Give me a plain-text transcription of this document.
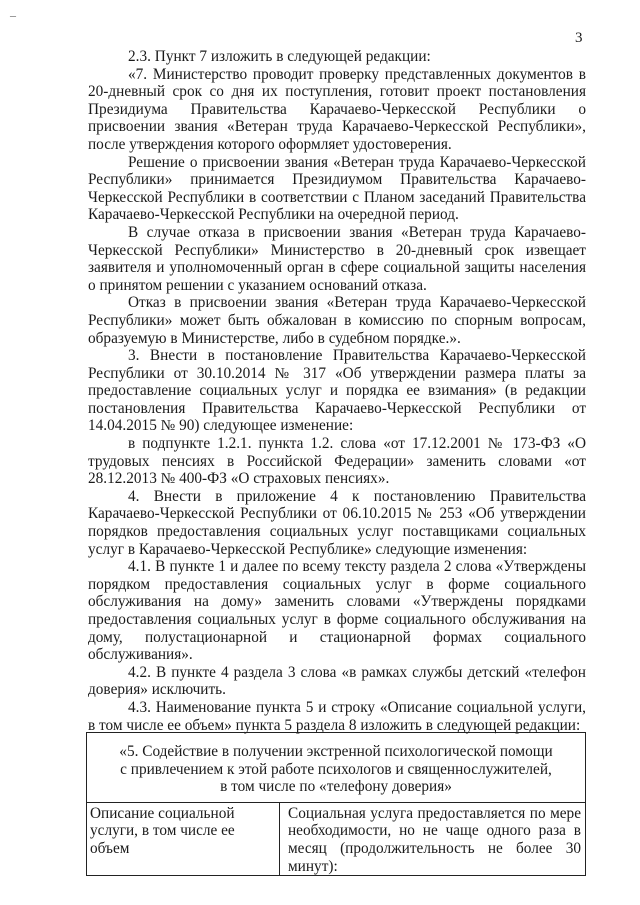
–
3

2.3. Пункт 7 изложить в следующей редакции:

«7. Министерство проводит проверку представленных документов в 20-дневный срок со дня их поступления, готовит проект постановления Президиума Правительства Карачаево-Черкесской Республики о присвоении звания «Ветеран труда Карачаево-Черкесской Республики», после утверждения которого оформляет удостоверения.

Решение о присвоении звания «Ветеран труда Карачаево-Черкесской Республики» принимается Президиумом Правительства Карачаево-Черкесской Республики в соответствии с Планом заседаний Правительства Карачаево-Черкесской Республики на очередной период.

В случае отказа в присвоении звания «Ветеран труда Карачаево-Черкесской Республики» Министерство в 20-дневный срок извещает заявителя и уполномоченный орган в сфере социальной защиты населения о принятом решении с указанием оснований отказа.

Отказ в присвоении звания «Ветеран труда Карачаево-Черкесской Республики» может быть обжалован в комиссию по спорным вопросам, образуемую в Министерстве, либо в судебном порядке.».

3. Внести в постановление Правительства Карачаево-Черкесской Республики от 30.10.2014 № 317 «Об утверждении размера платы за предоставление социальных услуг и порядка ее взимания» (в редакции постановления Правительства Карачаево-Черкесской Республики от 14.04.2015 № 90) следующее изменение:

в подпункте 1.2.1. пункта 1.2. слова «от 17.12.2001 № 173-ФЗ «О трудовых пенсиях в Российской Федерации» заменить словами «от 28.12.2013 № 400-ФЗ «О страховых пенсиях».

4. Внести в приложение 4 к постановлению Правительства Карачаево-Черкесской Республики от 06.10.2015 № 253 «Об утверждении порядков предоставления социальных услуг поставщиками социальных услуг в Карачаево-Черкесской Республике» следующие изменения:

4.1. В пункте 1 и далее по всему тексту раздела 2 слова «Утверждены порядком предоставления социальных услуг в форме социального обслуживания на дому» заменить словами «Утверждены порядками предоставления социальных услуг в форме социального обслуживания на дому, полустационарной и стационарной формах социального обслуживания».

4.2. В пункте 4 раздела 3 слова «в рамках службы детский «телефон доверия» исключить.

4.3. Наименование пункта 5 и строку «Описание социальной услуги, в том числе ее объем» пункта 5 раздела 8 изложить в следующей редакции:

«5. Содействие в получении экстренной психологической помощи
с привлечением к этой работе психологов и священнослужителей,
в том числе по «телефону доверия»

Описание социальной услуги, в том числе ее объем	Социальная услуга предоставляется по мере необходимости, но не чаще одного раза в месяц (продолжительность не более 30 минут):
